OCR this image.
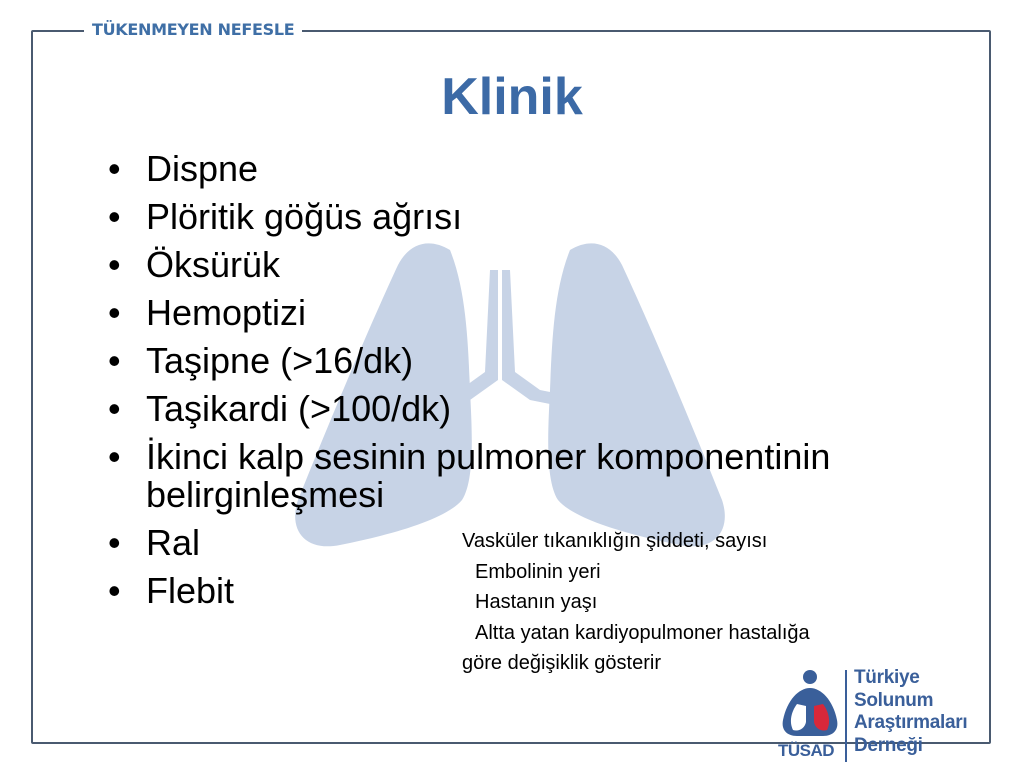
TÜKENMEYEN NEFESLE
Klinik
• Dispne
• Plöritik göğüs ağrısı
• Öksürük
• Hemoptizi
• Taşipne (>16/dk)
• Taşikardi (>100/dk)
• İkinci kalp sesinin pulmoner komponentinin belirginleşmesi
• Ral
• Flebit
Vasküler tıkanıklığın şiddeti, sayısı
Embolinin yeri
Hastanın yaşı
Altta yatan kardiyopulmoner hastalığa
göre değişiklik gösterir
TÜSAD
Türkiye
Solunum
Araştırmaları
Derneği
